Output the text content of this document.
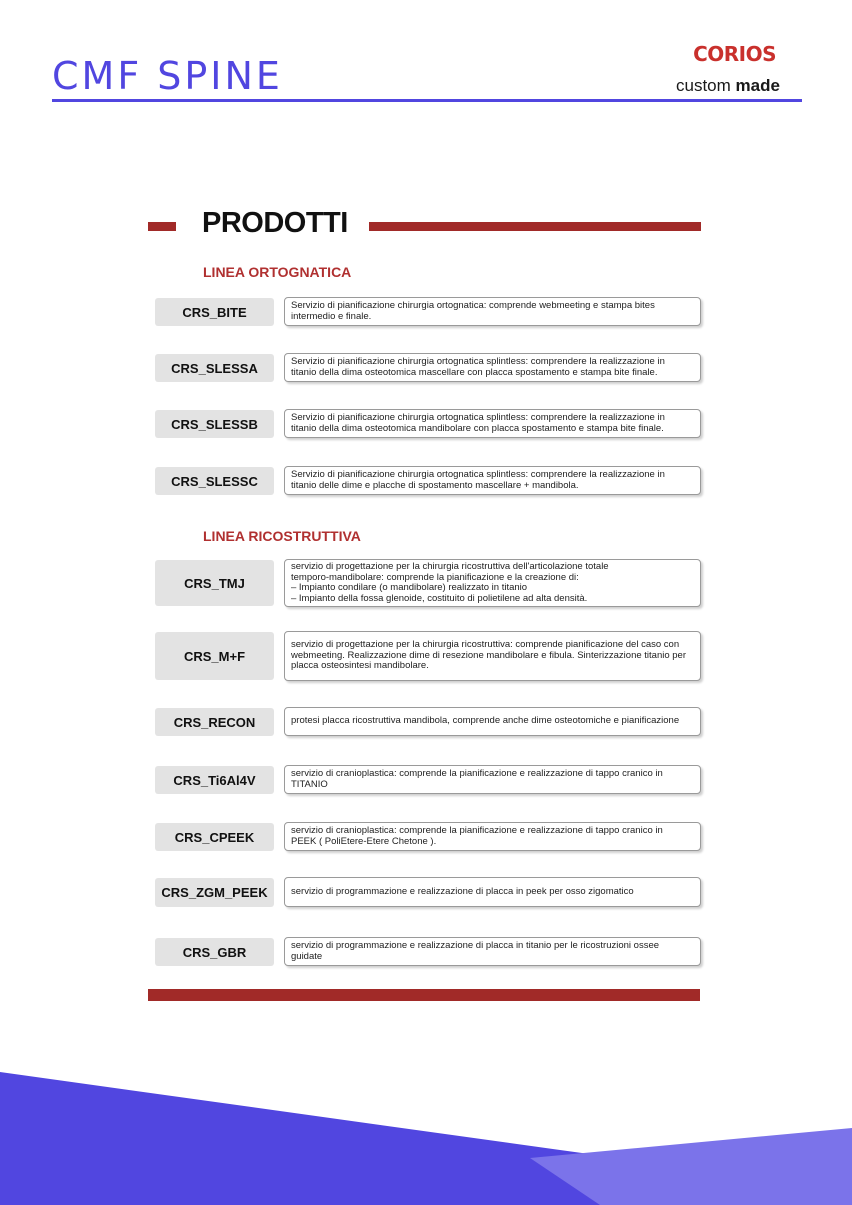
CMF SPINE	CORIOS
custom made
PRODOTTI
LINEA ORTOGNATICA
CRS_BITE	Servizio di pianificazione chirurgia ortognatica: comprende webmeeting e stampa bites
intermedio e finale.
CRS_SLESSA	Servizio di pianificazione chirurgia ortognatica splintless: comprendere la realizzazione in
titanio della dima osteotomica mascellare con placca spostamento e stampa bite finale.
CRS_SLESSB	Servizio di pianificazione chirurgia ortognatica splintless: comprendere la realizzazione in
titanio della dima osteotomica mandibolare con placca spostamento e stampa bite finale.
CRS_SLESSC	Servizio di pianificazione chirurgia ortognatica splintless: comprendere la realizzazione in
titanio delle dime e placche di spostamento mascellare + mandibola.
LINEA RICOSTRUTTIVA
CRS_TMJ
servizio di progettazione per la chirurgia ricostruttiva dell'articolazione totale
temporo-mandibolare: comprende la pianificazione e la creazione di:
– Impianto condilare (o mandibolare) realizzato in titanio
– Impianto della fossa glenoide, costituito di polietilene ad alta densità.
CRS_M+F
servizio di progettazione per la chirurgia ricostruttiva: comprende pianificazione del caso con
webmeeting. Realizzazione dime di resezione mandibolare e fibula. Sinterizzazione titanio per
placca osteosintesi mandibolare.
CRS_RECON	protesi placca ricostruttiva mandibola, comprende anche dime osteotomiche e pianificazione
CRS_Ti6Al4V	servizio di cranioplastica: comprende la pianificazione e realizzazione di tappo cranico in
TITANIO
CRS_CPEEK	servizio di cranioplastica: comprende la pianificazione e realizzazione di tappo cranico in
PEEK ( PoliEtere-Etere Chetone ).
CRS_ZGM_PEEK	servizio di programmazione e realizzazione di placca in peek per osso zigomatico
CRS_GBR	servizio di programmazione e realizzazione di placca in titanio per le ricostruzioni ossee
guidate
